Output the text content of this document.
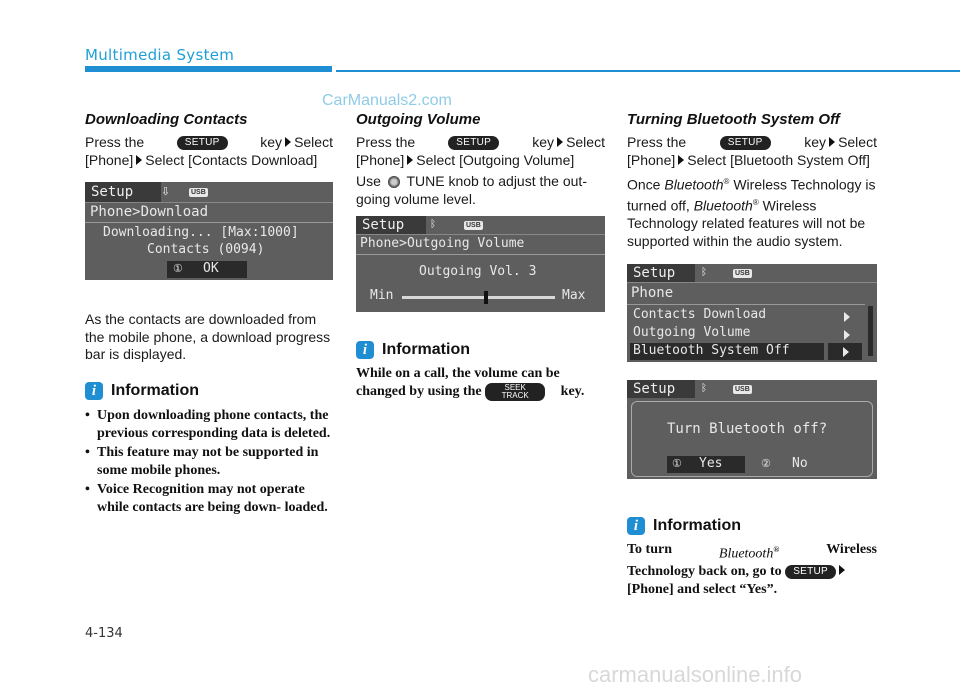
Multimedia System
CarManuals2.com
Downloading Contacts
Press the	SETUP	key Select
[Phone] Select [Contacts Download]
Setup	⇩	USB
Phone>Download
Downloading... [Max:1000]
Contacts (0094)
① OK
As the contacts are downloaded from the mobile phone, a download progress bar is displayed.
i Information
• Upon downloading phone contacts, the previous corresponding data is deleted.
• This feature may not be supported in some mobile phones.
• Voice Recognition may not operate while contacts are being down- loaded.
Outgoing Volume
Press the	SETUP	key Select
[Phone] Select [Outgoing Volume]
Use TUNE knob to adjust the out- going volume level.
Setup	ᛒ	USB
Phone>Outgoing Volume
Outgoing Vol. 3
Min	Max
i Information
While on a call, the volume can be changed by using the	SEEK
TRACK key.
Turning Bluetooth System Off
Press the	SETUP	key Select
[Phone] Select [Bluetooth System Off]
Once Bluetooth® Wireless Technology is turned off, Bluetooth® Wireless Technology related features will not be supported within the audio system.
Setup	ᛒ	USB
Phone
Contacts Download
Outgoing Volume
Bluetooth System Off
Setup	ᛒ	USB
Turn Bluetooth off?
① Yes	② No
i Information
To turn	Bluetooth®	Wireless
Technology back on, go to SETUP
[Phone] and select “Yes”.
4-134
carmanualsonline.info
